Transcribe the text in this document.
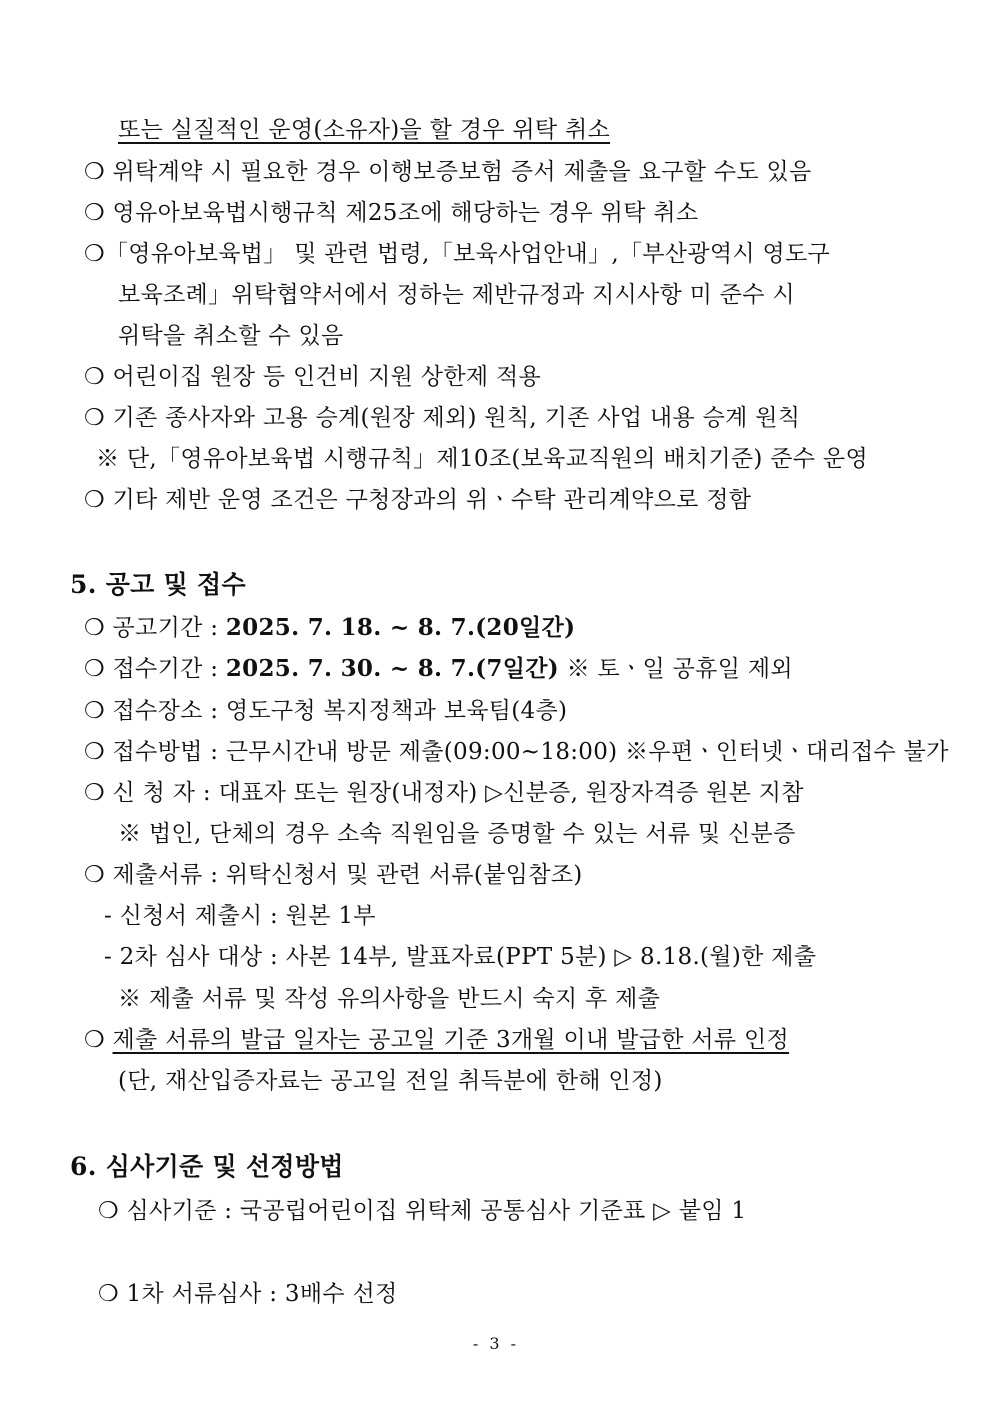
또는 실질적인 운영(소유자)을 할 경우 위탁 취소
❍ 위탁계약 시 필요한 경우 이행보증보험 증서 제출을 요구할 수도 있음
❍ 영유아보육법시행규칙 제25조에 해당하는 경우 위탁 취소
❍「영유아보육법」 및 관련 법령,「보육사업안내」,「부산광역시 영도구
보육조례」위탁협약서에서 정하는 제반규정과 지시사항 미 준수 시
위탁을 취소할 수 있음
❍ 어린이집 원장 등 인건비 지원 상한제 적용
❍ 기존 종사자와 고용 승계(원장 제외) 원칙, 기존 사업 내용 승계 원칙
※ 단,「영유아보육법 시행규칙」제10조(보육교직원의 배치기준) 준수 운영
❍ 기타 제반 운영 조건은 구청장과의 위ㆍ수탁 관리계약으로 정함
5. 공고 및 접수
❍ 공고기간 : 2025. 7. 18. ~ 8. 7.(20일간)
❍ 접수기간 : 2025. 7. 30. ~ 8. 7.(7일간) ※ 토ㆍ일 공휴일 제외
❍ 접수장소 : 영도구청 복지정책과 보육팀(4층)
❍ 접수방법 : 근무시간내 방문 제출(09:00~18:00) ※우편ㆍ인터넷ㆍ대리접수 불가
❍ 신 청 자 : 대표자 또는 원장(내정자) ▷신분증, 원장자격증 원본 지참
※ 법인, 단체의 경우 소속 직원임을 증명할 수 있는 서류 및 신분증
❍ 제출서류 : 위탁신청서 및 관련 서류(붙임참조)
- 신청서 제출시 : 원본 1부
- 2차 심사 대상 : 사본 14부, 발표자료(PPT 5분) ▷ 8.18.(월)한 제출
※ 제출 서류 및 작성 유의사항을 반드시 숙지 후 제출
❍ 제출 서류의 발급 일자는 공고일 기준 3개월 이내 발급한 서류 인정
(단, 재산입증자료는 공고일 전일 취득분에 한해 인정)
6. 심사기준 및 선정방법
❍ 심사기준 : 국공립어린이집 위탁체 공통심사 기준표 ▷ 붙임 1
❍ 1차 서류심사 : 3배수 선정
- 3 -
